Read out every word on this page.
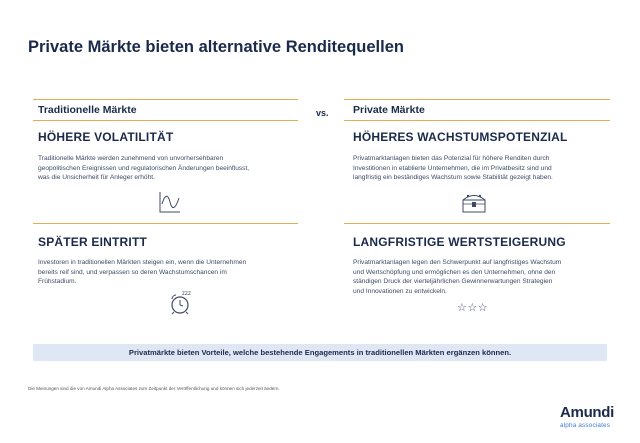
Private Märkte bieten alternative Renditequellen
Traditionelle Märkte	vs. Private Märkte
HÖHERE VOLATILITÄT
Traditionelle Märkte werden zunehmend von unvorhersehbaren
geopolitischen Ereignissen und regulatorischen Änderungen beeinflusst,
was die Unsicherheit für Anleger erhöht.
HÖHERES WACHSTUMSPOTENZIAL
Privatmarktanlagen bieten das Potenzial für höhere Renditen durch
Investitionen in etablierte Unternehmen, die im Privatbesitz sind und
langfristig ein beständiges Wachstum sowie Stabilität gezeigt haben.
SPÄTER EINTRITT
Investoren in traditionellen Märkten steigen ein, wenn die Unternehmen
bereits reif sind, und verpassen so deren Wachstumschancen im
Frühstadium.
zzz
LANGFRISTIGE WERTSTEIGERUNG
Privatmarktanlagen legen den Schwerpunkt auf langfristiges Wachstum
und Wertschöpfung und ermöglichen es den Unternehmen, ohne den
ständigen Druck der vierteljährlichen Gewinnerwartungen Strategien
und Innovationen zu entwickeln.
☆☆☆
Privatmärkte bieten Vorteile, welche bestehende Engagements in traditionellen Märkten ergänzen können.
Die Meinungen sind die von Amundi Alpha Associates zum Zeitpunkt der Veröffentlichung und können sich jederzeit ändern.
Amundi
alpha associates
